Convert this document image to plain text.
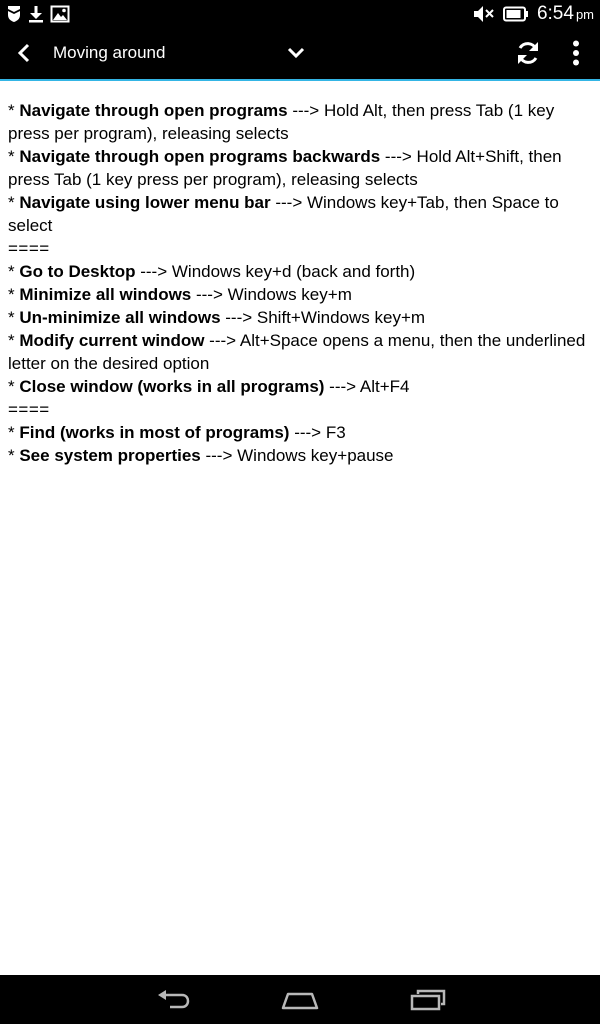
6:54 pm
Moving around
* Navigate through open programs ---> Hold Alt, then press Tab (1 key press per program), releasing selects
* Navigate through open programs backwards ---> Hold Alt+Shift, then press Tab (1 key press per program), releasing selects
* Navigate using lower menu bar ---> Windows key+Tab, then Space to select
====
* Go to Desktop ---> Windows key+d (back and forth)
* Minimize all windows ---> Windows key+m
* Un-minimize all windows ---> Shift+Windows key+m
* Modify current window ---> Alt+Space opens a menu, then the underlined letter on the desired option
* Close window (works in all programs) ---> Alt+F4
====
* Find (works in most of programs) ---> F3
* See system properties ---> Windows key+pause
